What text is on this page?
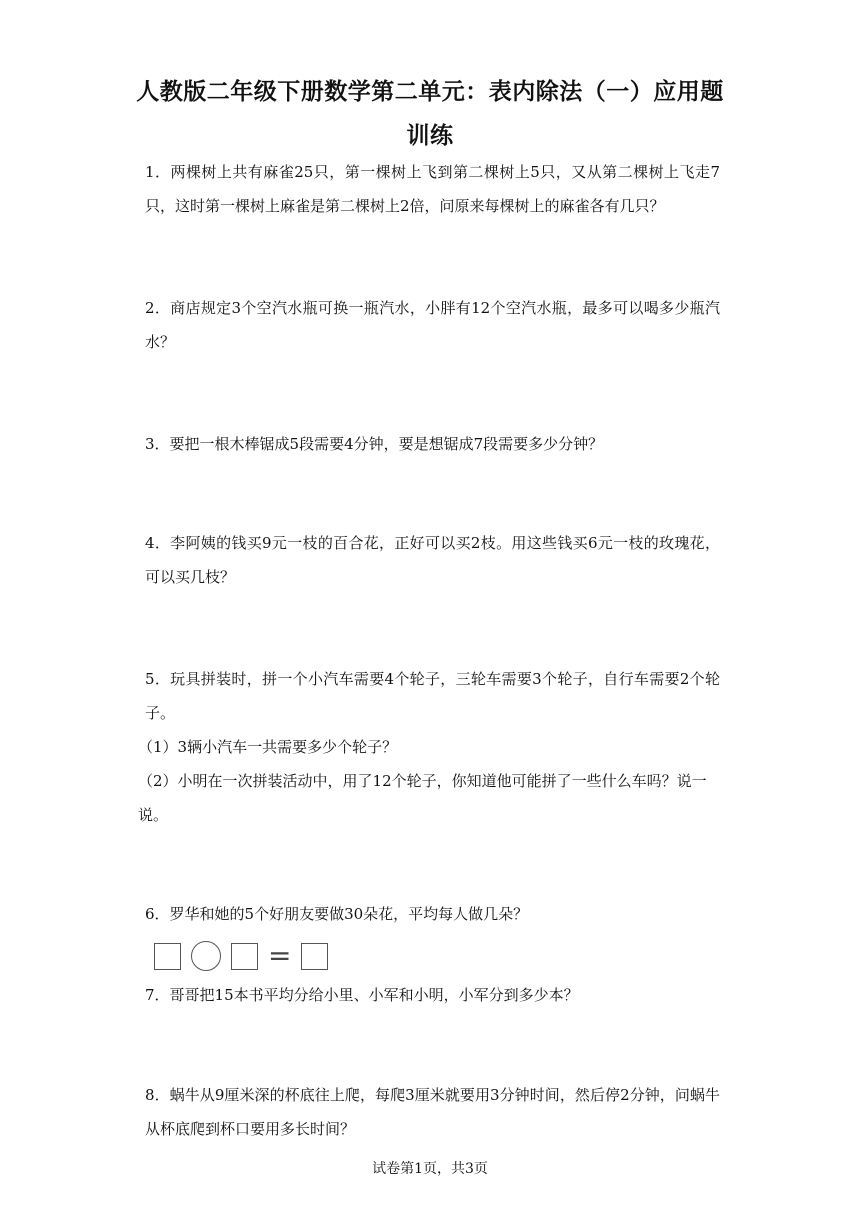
人教版二年级下册数学第二单元：表内除法（一）应用题训练
1．两棵树上共有麻雀25只，第一棵树上飞到第二棵树上5只，又从第二棵树上飞走7只，这时第一棵树上麻雀是第二棵树上2倍，问原来每棵树上的麻雀各有几只？
2．商店规定3个空汽水瓶可换一瓶汽水，小胖有12个空汽水瓶，最多可以喝多少瓶汽水？
3．要把一根木棒锯成5段需要4分钟，要是想锯成7段需要多少分钟？
4．李阿姨的钱买9元一枝的百合花，正好可以买2枝。用这些钱买6元一枝的玫瑰花，可以买几枝？
5．玩具拼装时，拼一个小汽车需要4个轮子，三轮车需要3个轮子，自行车需要2个轮子。
（1）3辆小汽车一共需要多少个轮子？
（2）小明在一次拼装活动中，用了12个轮子，你知道他可能拼了一些什么车吗？说一说。
6．罗华和她的5个好朋友要做30朵花，平均每人做几朵？
=
7．哥哥把15本书平均分给小里、小军和小明，小军分到多少本？
8．蜗牛从9厘米深的杯底往上爬，每爬3厘米就要用3分钟时间，然后停2分钟，问蜗牛从杯底爬到杯口要用多长时间？
试卷第1页，共3页
